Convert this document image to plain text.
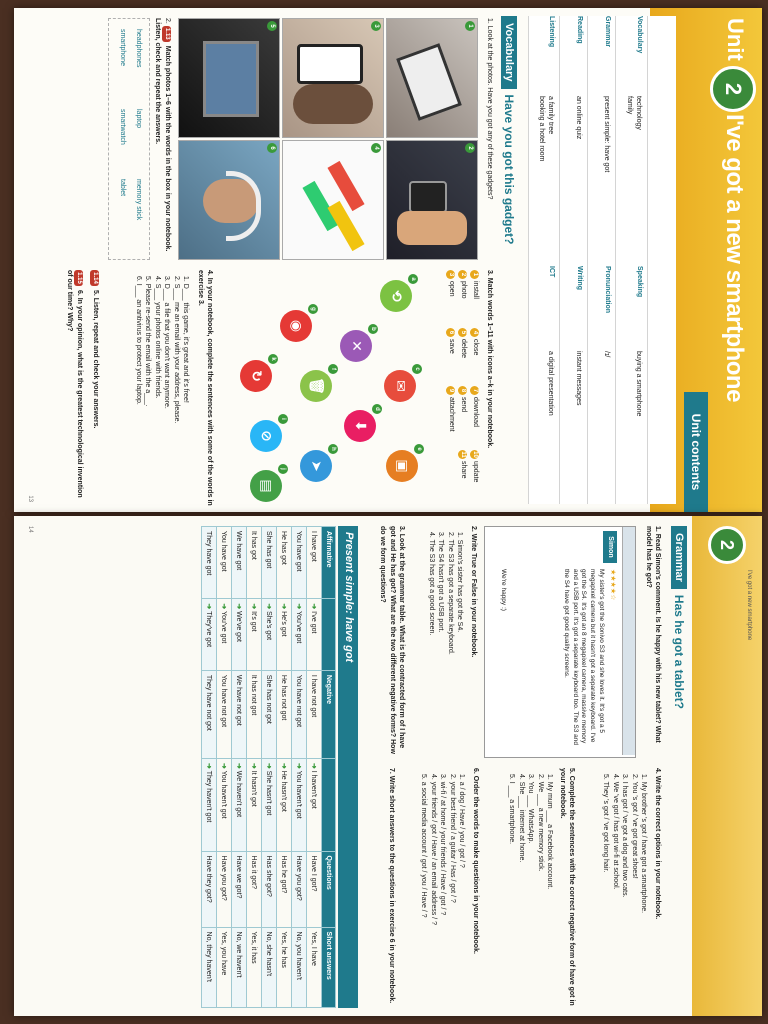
Unit
2
I've got a new smartphone
Unit contents
Vocabulary
technology
family
Speaking
buying a smartphone
Grammar
present simple: have got
Pronunciation
/ɪ/
Reading
an online quiz
Writing
instant messages
Listening
a family tree
booking a hotel room
ICT
a digital presentation
Vocabulary
Have you got this gadget?
1. Look at the photos. Have you got any of these gadgets?
1
2
3
4
5
6
2. 1.13 Match photos 1–6 with the words in the box in your notebook. Listen, check and repeat the answers.
headphones
laptop
memory stick
smartphone
smartwatch
tablet
3. Match words 1–11 with icons a–k in your notebook.
1install
4close
7download
10update
2photo
5delete
8send
11share
3open
6save
9attachment
⟲
a
✕
b
✉
c
⬇
d
▣
e
🗑
f
◉
g
➤
h
⊘
i
▤
j
↻
k
4. In your notebook, complete the sentences with some of the words in exercise 3.
1. D___ this game, it's great and it's free!
2. S___ me an email with your address, please.
3. D___ a file that you don't want anymore.
4. S___ your photos online with friends.
5. Please re-send the email with the a___.
6. I___ an antivirus to protect your laptop.
1.14 5. Listen, repeat and check your answers.
1.15 6. In your opinion, what is the greatest technological invention of our time? Why?
13
2
I've got a new smartphone
Grammar
Has he got a tablet?
1. Read Simon's comment. Is he happy with his new tablet? What model has he got?
Simon
★★★★☆
My sister's got the Sonivo S3 and she loves it. It's got a 5 megapixel camera but it hasn't got a separate keyboard. I've got the S4. It's got an 8 megapixel camera, massive memory and a USB port. It's got a separate keyboard too. The S3 and the S4 have got good quality screens.
We're happy :)
2. Write True or False in your notebook.
1. Simon's sister has got the S4.
2. The S3 has got a separate keyboard.
3. The S4 hasn't got a USB port.
4. The S3 has got a good screen.
3. Look at the grammar table. What is the contracted form of I have got and He has got? What are the two different negative forms? How do we form questions?
4. Write the correct options in your notebook.
1. My brother 's got / have got a smartphone.
2. You 's got / 've got great shoes!
3. I has got / 've got a dog and two cats.
4. We 've got / has got wi-fi at school.
5. They 's got / 've got long hair.
5. Complete the sentences with the correct negative form of have got in your notebook.
1. My mum ___ a Facebook account.
2. We ___ a new memory stick.
3. You ___ WhatsApp.
4. She ___ internet at home.
5. I ___ a smartphone.
6. Order the words to make questions in your notebook.
1. a / dog / Have / you / got / ?
2. your best friend / a guitar / Has / got / ?
3. wi-fi / at home / your friends / Have / got / ?
4. your friends / got / Have / an email address / ?
5. a social media account / got / you / Have / ?
7. Write short answers to the questions in exercise 6 in your notebook.
Present simple: have got
Affirmative		Negative		Questions	Short answers
I have got	➜ I've got	I have not got	➜ I haven't got	Have I got?	Yes, I have
You have got	➜ You've got	You have not got	➜ You haven't got	Have you got?	No, you haven't
He has got	➜ He's got	He has not got	➜ He hasn't got	Has he got?	Yes, he has
She has got	➜ She's got	She has not got	➜ She hasn't got	Has she got?	No, she hasn't
It has got	➜ It's got	It has not got	➜ It hasn't got	Has it got?	Yes, it has
We have got	➜ We've got	We have not got	➜ We haven't got	Have we got?	No, we haven't
You have got	➜ You've got	You have not got	➜ You haven't got	Have you got?	Yes, you have
They have got	➜ They've got	They have not got	➜ They haven't got	Have they got?	No, they haven't
14
